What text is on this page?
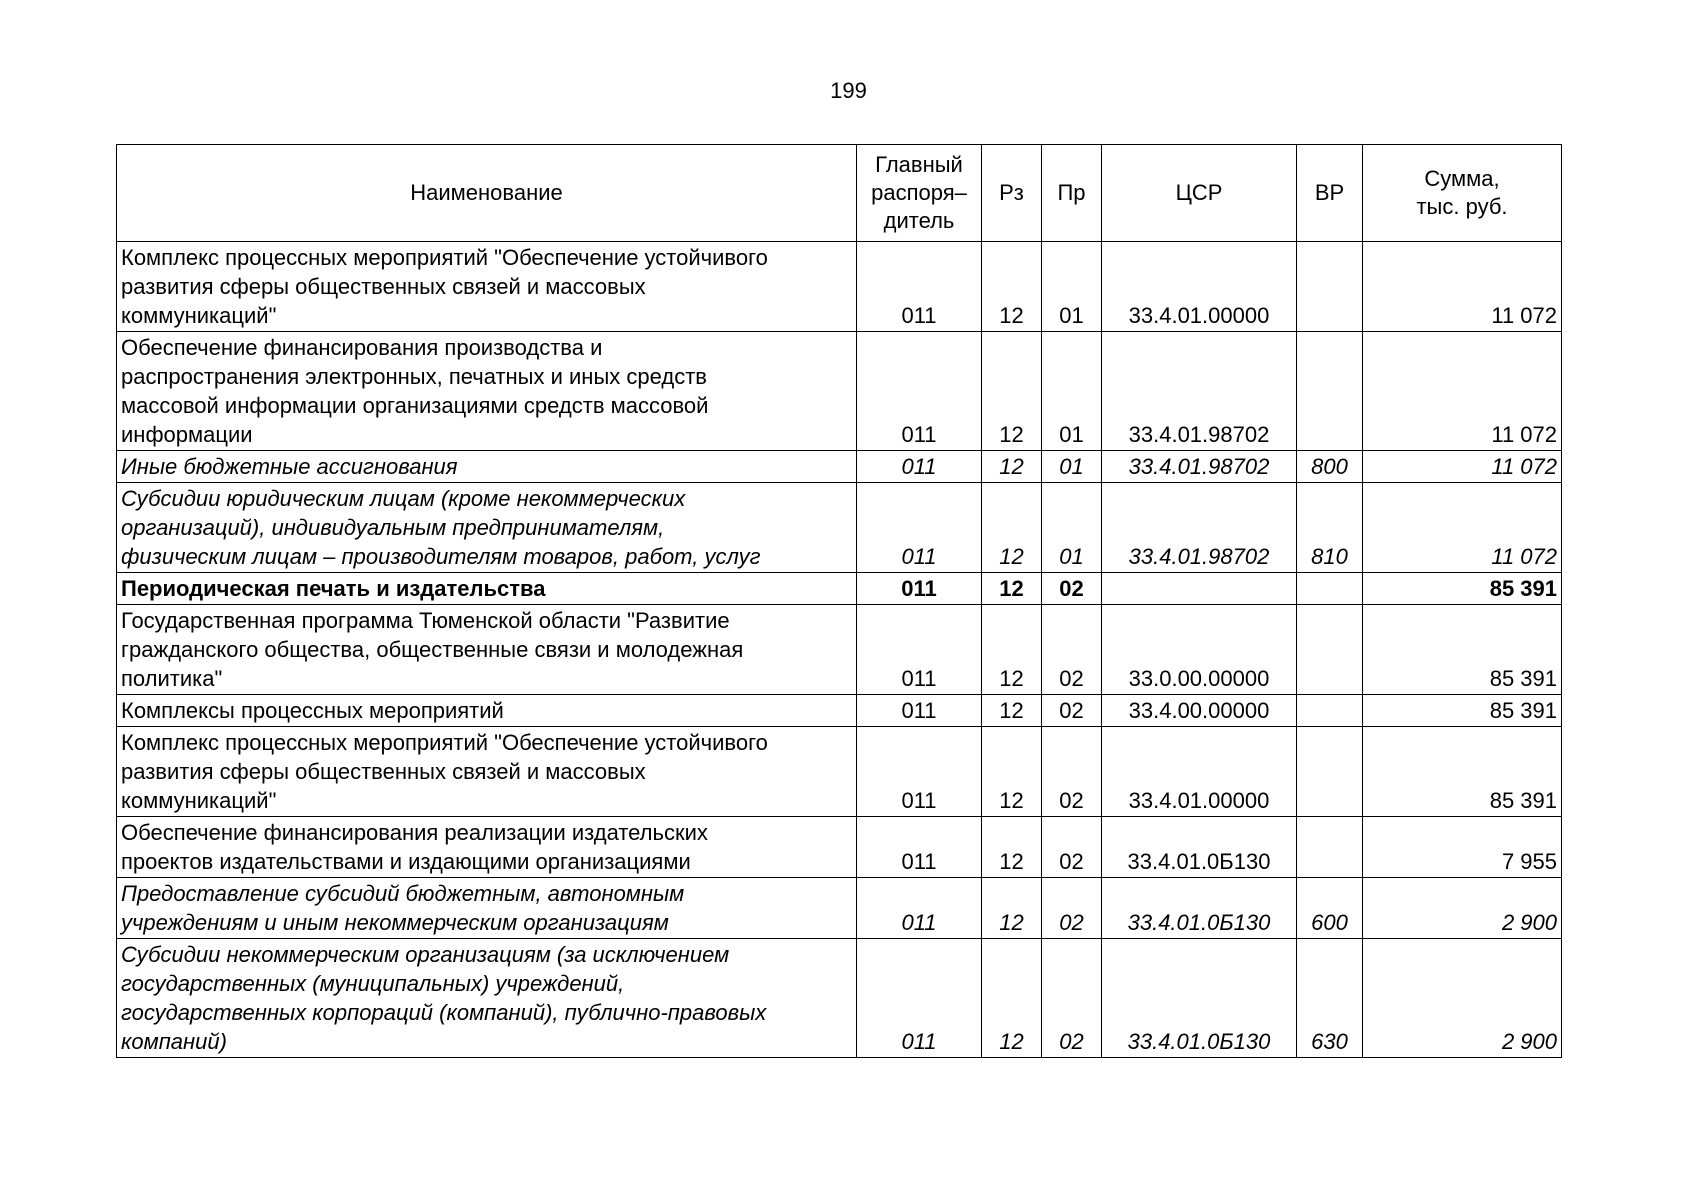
199
Наименование	Главный
распоря–
дитель	Рз	Пр	ЦСР	ВР	Сумма,
тыс. руб.
Комплекс процессных мероприятий "Обеспечение устойчивого
развития сферы общественных связей и массовых
коммуникаций"	011	12	01	33.4.01.00000		11 072
Обеспечение финансирования производства и
распространения электронных, печатных и иных средств
массовой информации организациями средств массовой
информации	011	12	01	33.4.01.98702		11 072
Иные бюджетные ассигнования	011	12	01	33.4.01.98702	800	11 072
Субсидии юридическим лицам (кроме некоммерческих
организаций), индивидуальным предпринимателям,
физическим лицам – производителям товаров, работ, услуг	011	12	01	33.4.01.98702	810	11 072
Периодическая печать и издательства	011	12	02			85 391
Государственная программа Тюменской области "Развитие
гражданского общества, общественные связи и молодежная
политика"	011	12	02	33.0.00.00000		85 391
Комплексы процессных мероприятий	011	12	02	33.4.00.00000		85 391
Комплекс процессных мероприятий "Обеспечение устойчивого
развития сферы общественных связей и массовых
коммуникаций"	011	12	02	33.4.01.00000		85 391
Обеспечение финансирования реализации издательских
проектов издательствами и издающими организациями	011	12	02	33.4.01.0Б130		7 955
Предоставление субсидий бюджетным, автономным
учреждениям и иным некоммерческим организациям	011	12	02	33.4.01.0Б130	600	2 900
Субсидии некоммерческим организациям (за исключением
государственных (муниципальных) учреждений,
государственных корпораций (компаний), публично-правовых
компаний)	011	12	02	33.4.01.0Б130	630	2 900
